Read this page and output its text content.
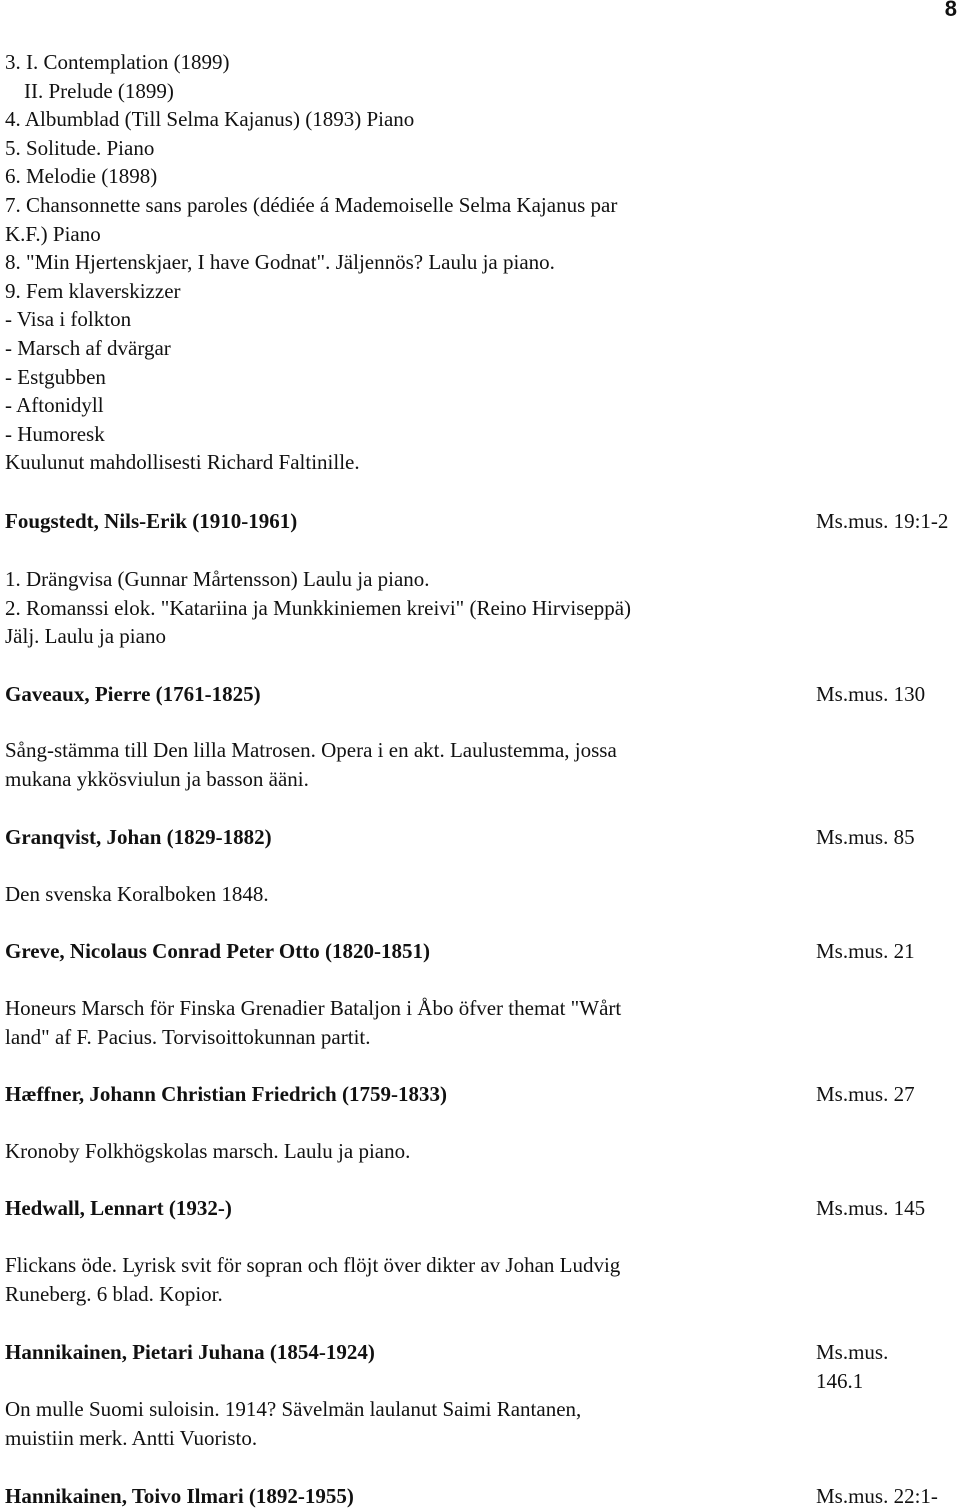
8
3. I. Contemplation (1899)
II. Prelude (1899)
4. Albumblad (Till Selma Kajanus) (1893) Piano
5. Solitude. Piano
6. Melodie (1898)
7. Chansonnette sans paroles (dédiée á Mademoiselle Selma Kajanus par
K.F.) Piano
8. "Min Hjertenskjaer, I have Godnat". Jäljennös? Laulu ja piano.
9. Fem klaverskizzer
- Visa i folkton
- Marsch af dvärgar
- Estgubben
- Aftonidyll
- Humoresk
Kuulunut mahdollisesti Richard Faltinille.
Fougstedt, Nils-Erik (1910-1961)	Ms.mus. 19:1-2
1. Drängvisa (Gunnar Mårtensson) Laulu ja piano.
2. Romanssi elok. "Katariina ja Munkkiniemen kreivi" (Reino Hirviseppä)
Jälj. Laulu ja piano
Gaveaux, Pierre (1761-1825)	Ms.mus. 130
Sång-stämma till Den lilla Matrosen. Opera i en akt. Laulustemma, jossa
mukana ykkösviulun ja basson ääni.
Granqvist, Johan (1829-1882)	Ms.mus. 85
Den svenska Koralboken 1848.
Greve, Nicolaus Conrad Peter Otto (1820-1851)	Ms.mus. 21
Honeurs Marsch för Finska Grenadier Bataljon i Åbo öfver themat "Wårt
land" af F. Pacius. Torvisoittokunnan partit.
Hæffner, Johann Christian Friedrich (1759-1833)	Ms.mus. 27
Kronoby Folkhögskolas marsch. Laulu ja piano.
Hedwall, Lennart (1932-)	Ms.mus. 145
Flickans öde. Lyrisk svit för sopran och flöjt över dikter av Johan Ludvig
Runeberg. 6 blad. Kopior.
Hannikainen, Pietari Juhana (1854-1924)	Ms.mus. 146.1
On mulle Suomi suloisin. 1914? Sävelmän laulanut Saimi Rantanen,
muistiin merk. Antti Vuoristo.
Hannikainen, Toivo Ilmari (1892-1955)	Ms.mus. 22:1-
